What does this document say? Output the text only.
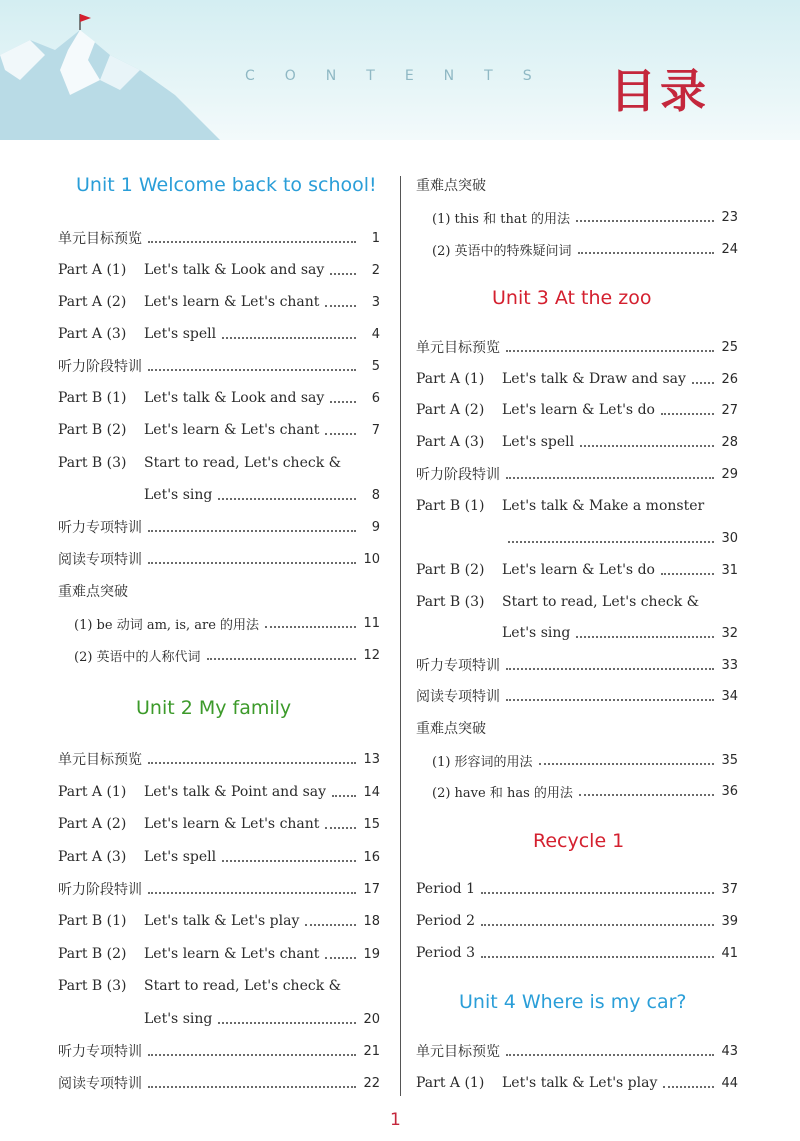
CONTENTS 目录
Unit 1 Welcome back to school!
单元目标预览	1
Part A (1)	Let's talk & Look and say	2
Part A (2)	Let's learn & Let's chant	3
Part A (3)	Let's spell	4
听力阶段特训	5
Part B (1)	Let's talk & Look and say	6
Part B (2)	Let's learn & Let's chant	7
Part B (3)	Start to read, Let's check &
Let's sing	8
听力专项特训	9
阅读专项特训	10
重难点突破
(1) be 动词 am, is, are 的用法	11
(2) 英语中的人称代词	12
Unit 2 My family
单元目标预览	13
Part A (1)	Let's talk & Point and say	14
Part A (2)	Let's learn & Let's chant	15
Part A (3)	Let's spell	16
听力阶段特训	17
Part B (1)	Let's talk & Let's play	18
Part B (2)	Let's learn & Let's chant	19
Part B (3)	Start to read, Let's check &
Let's sing	20
听力专项特训	21
阅读专项特训	22
重难点突破
(1) this 和 that 的用法	23
(2) 英语中的特殊疑问词	24
Unit 3 At the zoo
单元目标预览	25
Part A (1)	Let's talk & Draw and say	26
Part A (2)	Let's learn & Let's do	27
Part A (3)	Let's spell	28
听力阶段特训	29
Part B (1)	Let's talk & Make a monster
30
Part B (2)	Let's learn & Let's do	31
Part B (3)	Start to read, Let's check &
Let's sing	32
听力专项特训	33
阅读专项特训	34
重难点突破
(1) 形容词的用法	35
(2) have 和 has 的用法	36
Recycle 1
Period 1	37
Period 2	39
Period 3	41
Unit 4 Where is my car?
单元目标预览	43
Part A (1)	Let's talk & Let's play	44
1
